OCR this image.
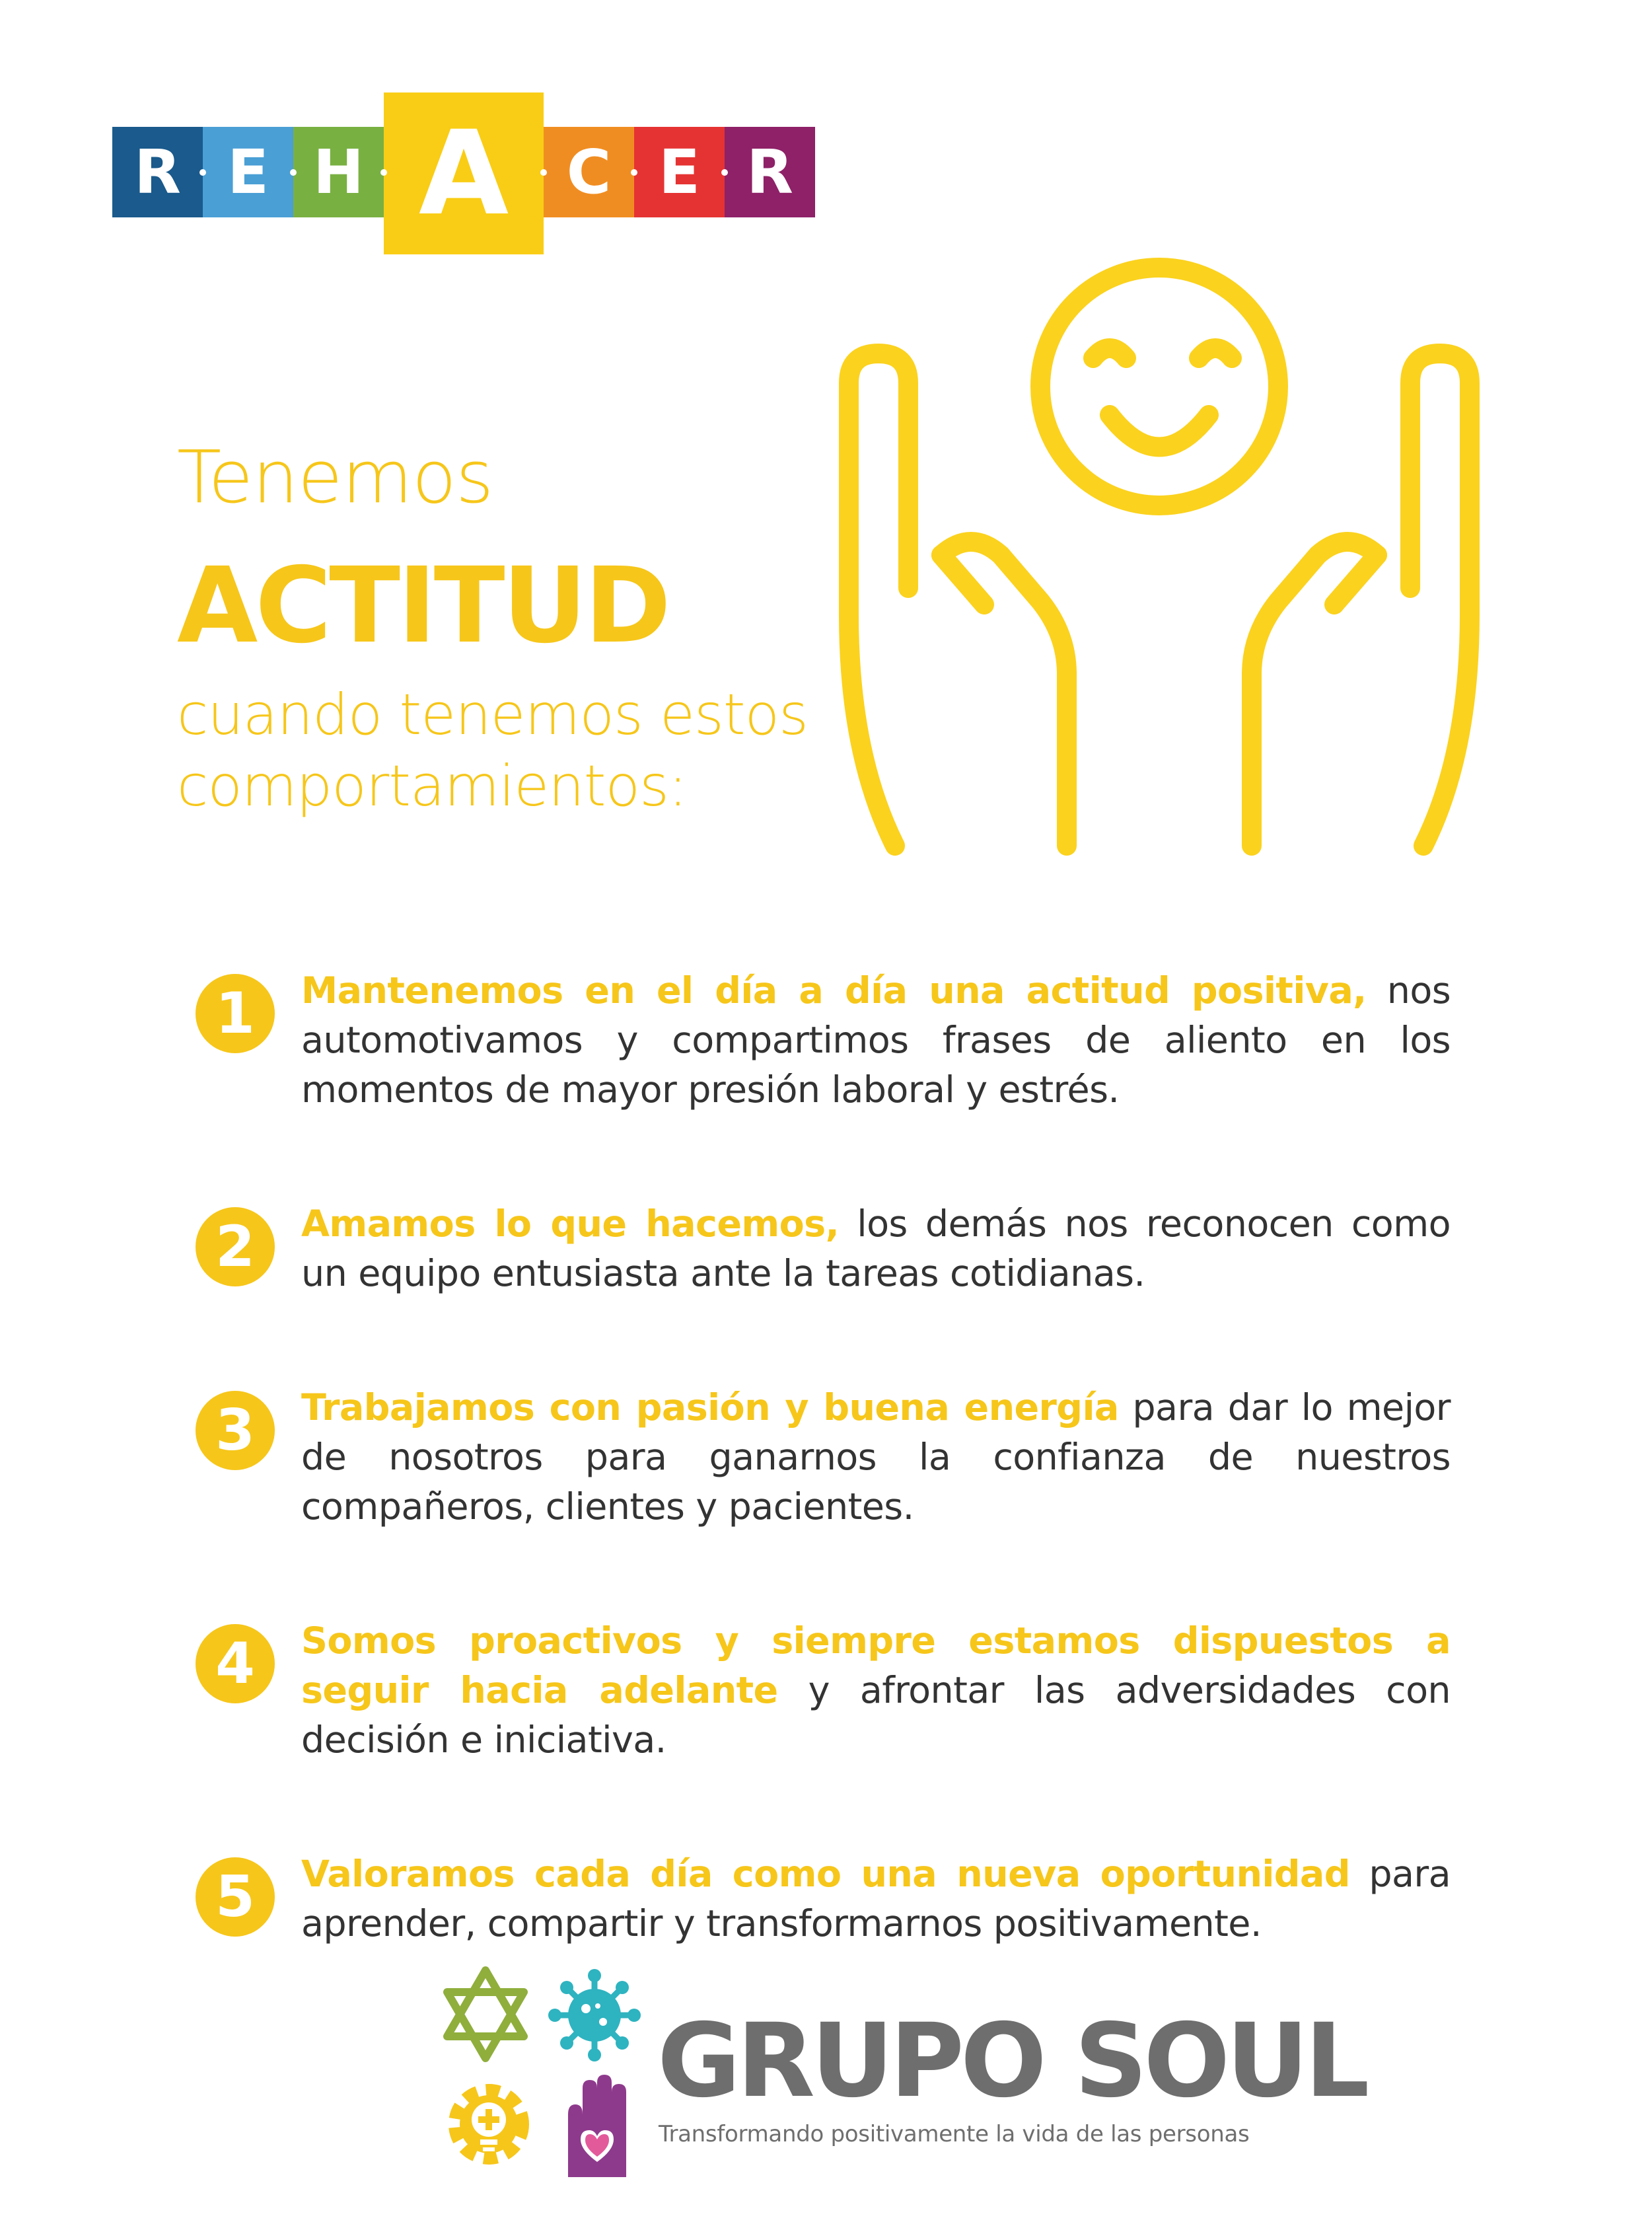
R E H A C E R

Tenemos

ACTITUD

cuando tenemos estos comportamientos:

1	Mantenemos en el día a día una actitud positiva, nos automotivamos y compartimos frases de aliento en los momentos de mayor presión laboral y estrés.

2	Amamos lo que hacemos, los demás nos reconocen como un equipo entusiasta ante la tareas cotidianas.

3	Trabajamos con pasión y buena energía para dar lo mejor de nosotros para ganarnos la confianza de nuestros compañeros, clientes y pacientes.

4	Somos proactivos y siempre estamos dispuestos a seguir hacia adelante y afrontar las adversidades con decisión e iniciativa.

5	Valoramos cada día como una nueva oportunidad para aprender, compartir y transformarnos positivamente.

GRUPO SOUL

Transformando positivamente la vida de las personas
